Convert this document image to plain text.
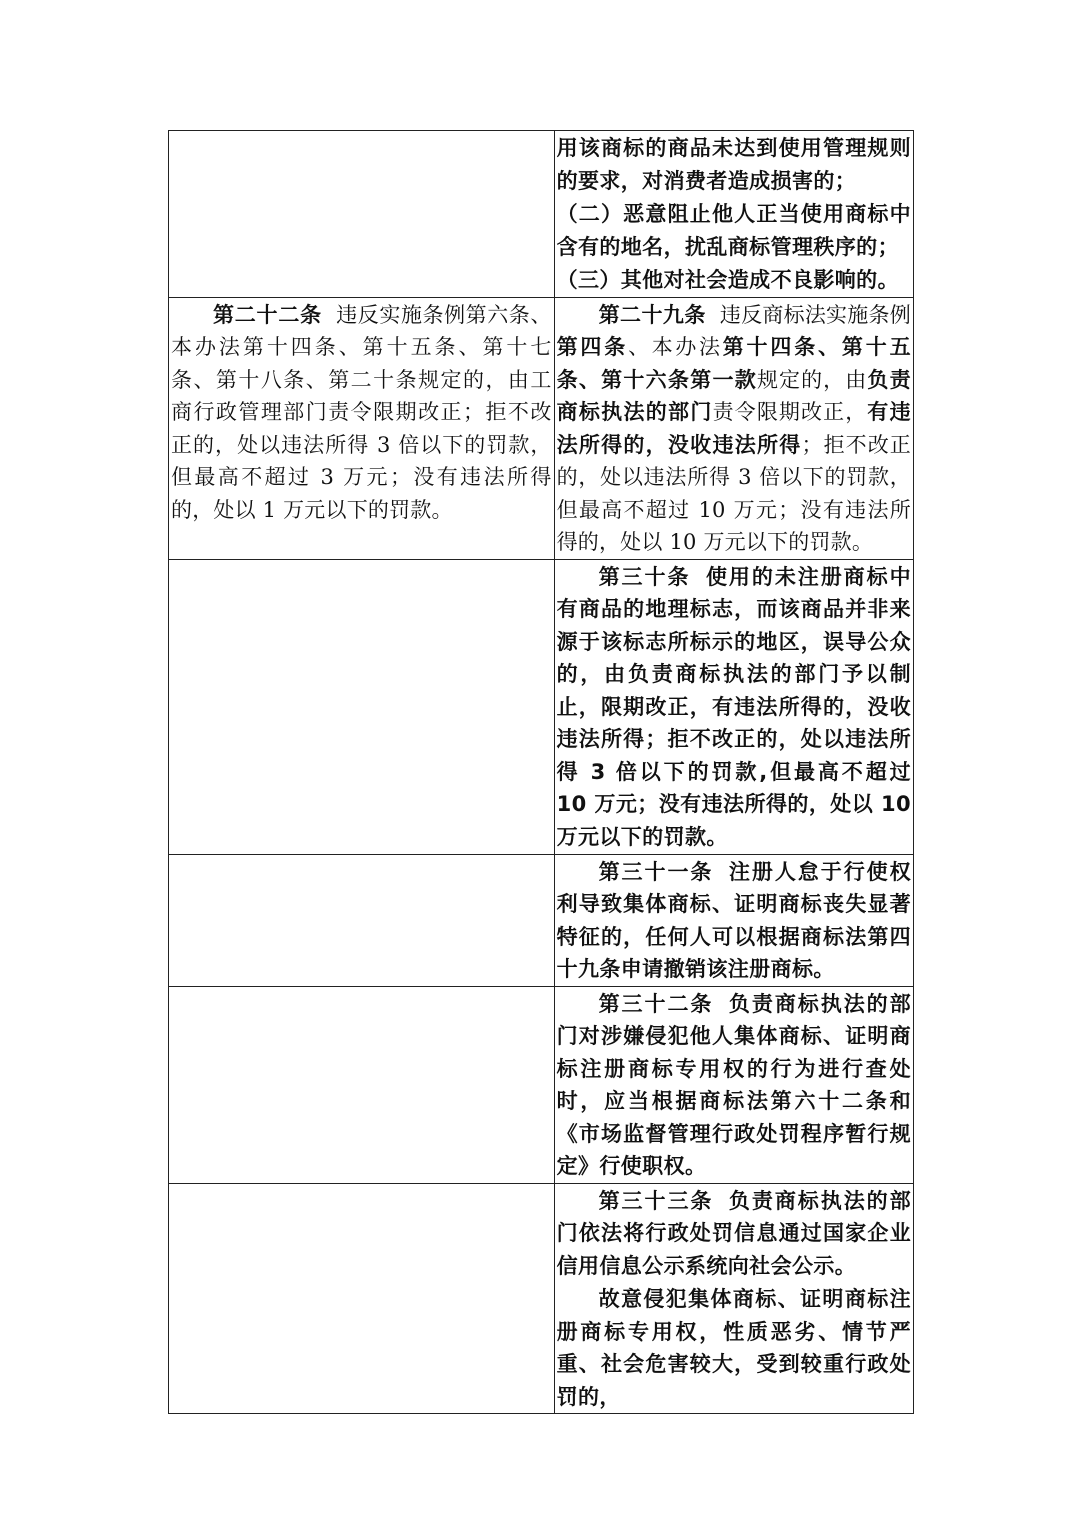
	用该商标的商品未达到使用管理规则的要求，对消费者造成损害的；

（二）恶意阻止他人正当使用商标中含有的地名，扰乱商标管理秩序的；

（三）其他对社会造成不良影响的。

第二十二条 违反实施条例第六条、本办法第十四条、第十五条、第十七条、第十八条、第二十条规定的，由工商行政管理部门责令限期改正；拒不改正的，处以违法所得 3 倍以下的罚款，但最高不超过 3 万元；没有违法所得的，处以 1 万元以下的罚款。	第二十九条 违反商标法实施条例第四条、本办法第十四条、第十五条、第十六条第一款规定的，由负责商标执法的部门责令限期改正，有违法所得的，没收违法所得；拒不改正的，处以违法所得 3 倍以下的罚款，但最高不超过 10 万元；没有违法所得的，处以 10 万元以下的罚款。

	第三十条 使用的未注册商标中有商品的地理标志，而该商品并非来源于该标志所标示的地区，误导公众的，由负责商标执法的部门予以制止，限期改正，有违法所得的，没收违法所得；拒不改正的，处以违法所得 3 倍以下的罚款,但最高不超过 10 万元；没有违法所得的，处以 10 万元以下的罚款。

	第三十一条 注册人怠于行使权利导致集体商标、证明商标丧失显著特征的，任何人可以根据商标法第四十九条申请撤销该注册商标。

	第三十二条 负责商标执法的部门对涉嫌侵犯他人集体商标、证明商标注册商标专用权的行为进行查处时，应当根据商标法第六十二条和《市场监督管理行政处罚程序暂行规定》行使职权。

	第三十三条 负责商标执法的部门依法将行政处罚信息通过国家企业信用信息公示系统向社会公示。

故意侵犯集体商标、证明商标注册商标专用权，性质恶劣、情节严重、社会危害较大，受到较重行政处罚的，
